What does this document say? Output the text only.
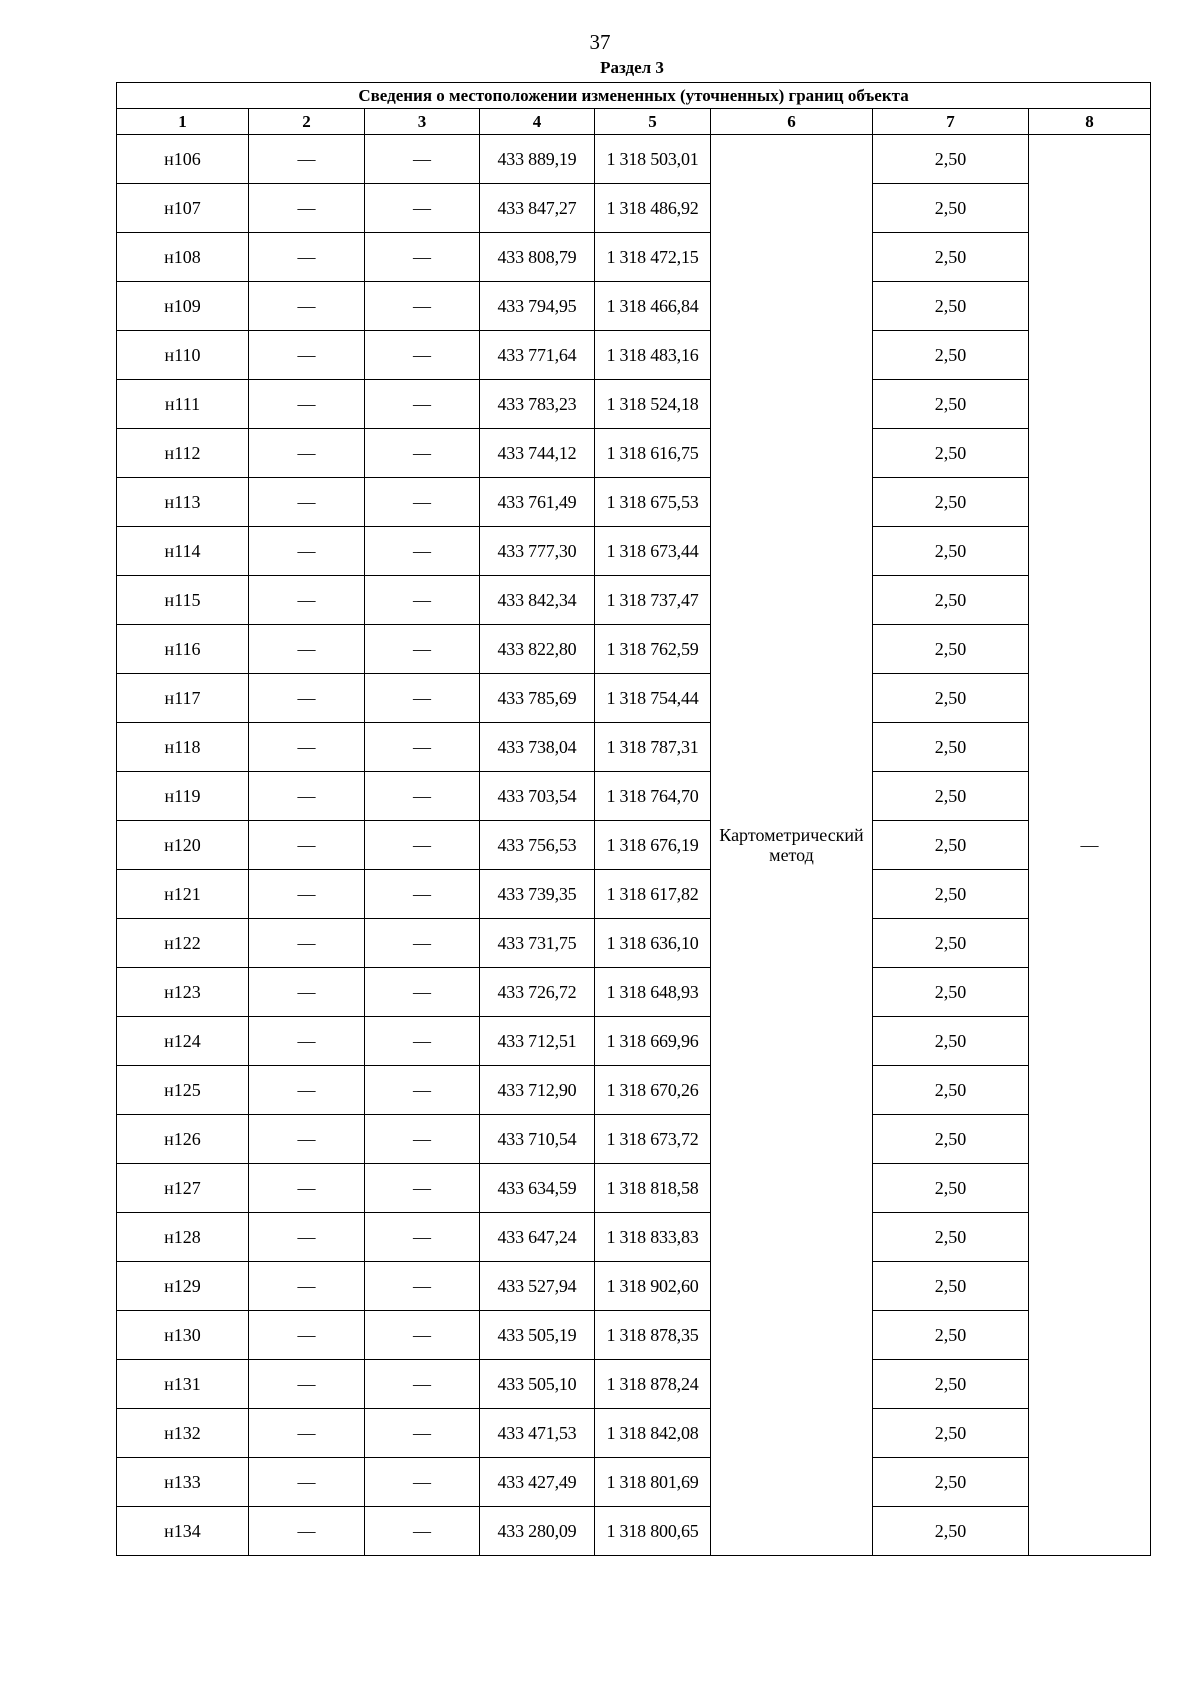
37
Раздел 3
Сведения о местоположении измененных (уточненных) границ объекта							
1	2	3	4	5	6	7	8
н106	—	—	433 889,19	1 318 503,01	Картометрический метод	2,50	—
н107	—	—	433 847,27	1 318 486,92		2,50	
н108	—	—	433 808,79	1 318 472,15		2,50	
н109	—	—	433 794,95	1 318 466,84		2,50	
н110	—	—	433 771,64	1 318 483,16		2,50	
н111	—	—	433 783,23	1 318 524,18		2,50	
н112	—	—	433 744,12	1 318 616,75		2,50	
н113	—	—	433 761,49	1 318 675,53		2,50	
н114	—	—	433 777,30	1 318 673,44		2,50	
н115	—	—	433 842,34	1 318 737,47		2,50	
н116	—	—	433 822,80	1 318 762,59		2,50	
н117	—	—	433 785,69	1 318 754,44		2,50	
н118	—	—	433 738,04	1 318 787,31		2,50	
н119	—	—	433 703,54	1 318 764,70		2,50	
н120	—	—	433 756,53	1 318 676,19		2,50	
н121	—	—	433 739,35	1 318 617,82		2,50	
н122	—	—	433 731,75	1 318 636,10		2,50	
н123	—	—	433 726,72	1 318 648,93		2,50	
н124	—	—	433 712,51	1 318 669,96		2,50	
н125	—	—	433 712,90	1 318 670,26		2,50	
н126	—	—	433 710,54	1 318 673,72		2,50	
н127	—	—	433 634,59	1 318 818,58		2,50	
н128	—	—	433 647,24	1 318 833,83		2,50	
н129	—	—	433 527,94	1 318 902,60		2,50	
н130	—	—	433 505,19	1 318 878,35		2,50	
н131	—	—	433 505,10	1 318 878,24		2,50	
н132	—	—	433 471,53	1 318 842,08		2,50	
н133	—	—	433 427,49	1 318 801,69		2,50	
н134	—	—	433 280,09	1 318 800,65		2,50	
